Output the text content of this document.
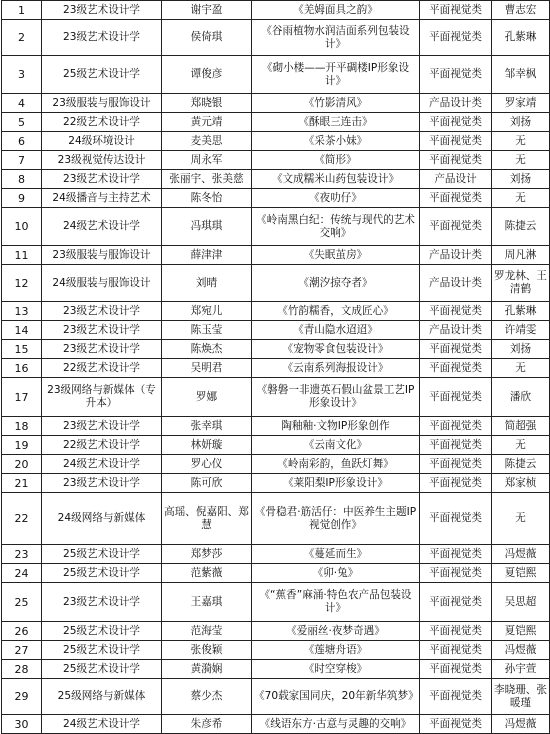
1	23级艺术设计学	谢宇盈	《羌姆面具之韵》	平面视觉类	曹志宏
2	23级艺术设计学	侯倚琪	《谷雨植物水润洁面系列包装设计》	平面视觉类	孔紫琳
3	25级艺术设计学	谭俊彦	《砌小楼——开平碉楼IP形象设计》	平面视觉类	邹幸枫
4	23级服装与服饰设计	郑晓银	《竹影清风》	产品设计类	罗家靖
5	22级艺术设计学	黄元靖	《酥眼三连击》	平面视觉类	刘扬
6	24级环境设计	麦美思	《采茶小妹》	平面视觉类	无
7	23级视觉传达设计	周永军	《简形》	平面视觉类	无
8	23级艺术设计学	张丽宇、张美慈	《文成糯米山药包装设计》	产品设计	刘扬
9	24级播音与主持艺术	陈冬怡	《夜叻仔》	平面视觉类	无
10	24级艺术设计学	冯琪琪	《岭南黑白纪：传统与现代的艺术交响》	平面视觉类	陈捷云
11	23级服装与服饰设计	薛津津	《失眠茧房》	产品设计类	周凡淋
12	24级服装与服饰设计	刘晴	《潮汐掠夺者》	产品设计类	罗龙林、王清鹤
13	23级艺术设计学	郑宛儿	《竹韵糯香，文成匠心》	平面视觉类	孔紫琳
14	23级艺术设计学	陈玉莹	《青山隐水迢迢》	产品设计类	许靖雯
15	23级艺术设计学	陈焕杰	《宠物零食包装设计》	平面视觉类	刘扬
16	22级艺术设计学	吴明君	《云南系列海报设计》	平面视觉类	无
17	23级网络与新媒体（专升本）	罗娜	《磐磐一非遗英石假山盆景工艺IP形象设计》	平面视觉类	潘欣
18	23级艺术设计学	张幸琪	陶釉釉·文物IP形象创作	平面视觉类	简超强
19	22级艺术设计学	林妍璇	《云南文化》	平面视觉类	无
20	24级艺术设计学	罗心仪	《岭南彩韵，鱼跃灯舞》	平面视觉类	陈捷云
21	23级艺术设计学	陈可欣	《莱阳梨IP形象设计》	平面视觉类	郑家桢
22	24级网络与新媒体	高瑶、倪嘉阳、郑慧	《骨稳君·筋活仔：中医养生主题IP视觉创作》	平面视觉类	无
23	25级艺术设计学	郑梦莎	《蔓延而生》	平面视觉类	冯煜薇
24	25级艺术设计学	范紫薇	《卯·兔》	平面视觉类	夏铠熙
25	23级艺术设计学	王嘉琪	《“蕉香”麻涌·特色农产品包装设计》	平面视觉类	吴思超
26	25级艺术设计学	范海莹	《爱丽丝·夜梦奇遇》	平面视觉类	夏铠熙
27	25级艺术设计学	张俊颖	《莲塘舟语》	平面视觉类	冯煜薇
28	25级艺术设计学	黄漪娴	《时空穿梭》	平面视觉类	孙宇萱
29	25级网络与新媒体	蔡少杰	《70载家国同庆，20年新华筑梦》	平面视觉类	李晓珊、张暖瑾
30	24级艺术设计学	朱彦希	《线语东方·古意与灵趣的交响》	平面视觉类	冯煜薇
